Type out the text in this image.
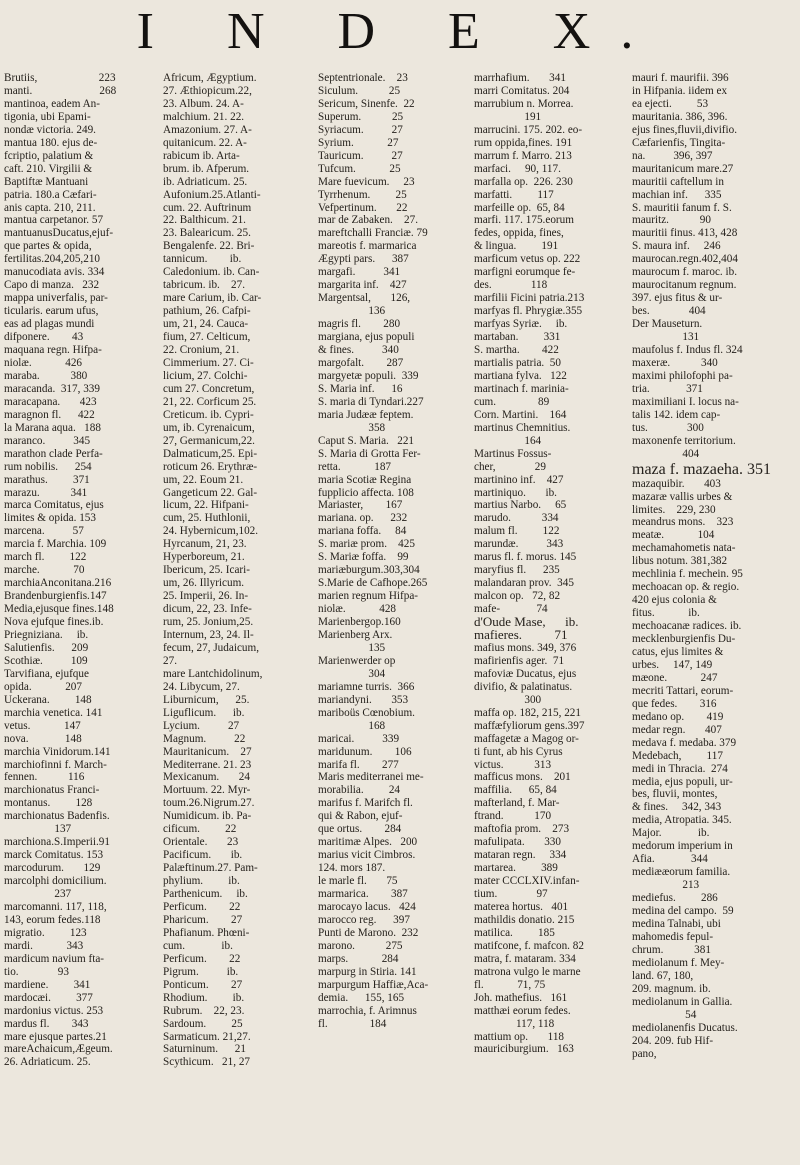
I N D E X.
Brutiis,                      223
manti.                        268
mantinoa, eadem An-
tigonia, ubi Epami-
nondæ victoria. 249.
mantua 180. ejus de-
fcriptio, palatium &
caft. 210. Virgilii &
Baptiftæ Mantuani
patria. 180.a Cæfari-
anis capta. 210, 211.
mantua carpetanor. 57
mantuanusDucatus,ejuf-
que partes & opida,
fertilitas.204,205,210
manucodiata avis. 334
Capo di manza.   232
mappa univerfalis, par-
ticularis. earum ufus,
eas ad plagas mundi
difponere.        43
maquana regn. Hifpa-
niolæ.            426
maraba.           380
maracanda.  317, 339
maracapana.       423
maragnon fl.      422
la Marana aqua.   188
maranco.          345
marathon clade Perfa-
rum nobilis.      254
marathus.         371
marazu.           341
marca Comitatus, ejus
limites & opida. 153
marcena.          57
marcia f. Marchia. 109
march fl.         122
marche.            70
marchiaAnconitana.216
Brandenburgienfis.147
Media,ejusque fines.148
Nova ejufque fines.ib.
Priegniziana.     ib.
Salutienfis.      209
Scothiæ.          109
Tarvifiana, ejufque
opida.            207
Uckerana.         148
marchia venetica. 141
vetus.            147
nova.             148
marchia Vinidorum.141
marchiofinni f. March-
fennen.           116
marchionatus Franci-
montanus.         128
marchionatus Badenfis.
137
marchiona.S.Imperii.91
marck Comitatus. 153
marcodurum.       129
marcolphi domicilium.
237
marcomanni. 117, 118,
143, eorum fedes.118
migratio.         123
mardi.            343
mardicum navium fta-
tio.              93
mardiene.         341
mardocæi.         377
mardonius victus. 253
mardus fl.        343
mare ejusque partes.21
mareAchaicum,Ægeum.
26. Adriaticum. 25.
Africum, Ægyptium.
27. Æthiopicum.22,
23. Album. 24. A-
malchium. 21. 22.
Amazonium. 27. A-
quitanicum. 22. A-
rabicum ib. Arta-
brum. ib. Afperum.
ib. Adriaticum. 25.
Aufonium.25.Atlanti-
cum. 22. Auftrinum
22. Balthicum. 21.
23. Balearicum. 25.
Bengalenfe. 22. Bri-
tannicum.        ib.
Caledonium. ib. Can-
tabricum. ib.    27.
mare Carium, ib. Car-
pathium, 26. Cafpi-
um, 21, 24. Cauca-
fium, 27. Celticum,
22. Cronium, 21.
Cimmerium. 27. Ci-
licium, 27. Colchi-
cum 27. Concretum,
21, 22. Corficum 25.
Creticum. ib. Cypri-
um, ib. Cyrenaicum,
27, Germanicum,22.
Dalmaticum,25. Epi-
roticum 26. Erythræ-
um, 22. Eoum 21.
Gangeticum 22. Gal-
licum, 22. Hifpani-
cum, 25. Huthlonii,
24. Hybernicum,102.
Hyrcanum, 21, 23.
Hyperboreum, 21.
Ibericum, 25. Icari-
um, 26. Illyricum.
25. Imperii, 26. In-
dicum, 22, 23. Infe-
rum, 25. Jonium,25.
Internum, 23, 24. Il-
fecum, 27, Judaicum,
27.
mare Lantchidolinum,
24. Libycum, 27.
Liburnicum,      25.
Liguflicum.      ib.
Lycium.          27
Magnum.          22
Mauritanicum.    27
Mediterrane. 21. 23
Mexicanum.       24
Mortuum. 22. Myr-
toum.26.Nigrum.27.
Numidicum. ib. Pa-
cificum.         22
Orientale.       23
Pacificum.       ib.
Palæftinum.27. Pam-
phylium.         ib.
Parthenicum.     ib.
Perficum.        22
Pharicum.        27
Phafianum. Phœni-
cum.             ib.
Perficum.        22
Pigrum.          ib.
Ponticum.        27
Rhodium.         ib.
Rubrum.    22, 23.
Sardoum.         25
Sarmaticum. 21,27.
Saturninum.      21
Scythicum.   21, 27
Septentrionale.    23
Siculum.           25
Sericum, Sinenfe.  22
Superum.           25
Syriacum.          27
Syrium.            27
Tauricum.          27
Tufcum.            25
Mare fuevicum.     23
Tyrrhenum.         25
Vefpertinum.       22
mar de Zabaken.    27.
mareftchalli Franciæ. 79
mareotis f. marmarica
Ægypti pars.      387
margafi.          341
margarita inf.    427
Margentsal,       126,
136
magris fl.        280
margiana, ejus populi
& fines.          340
margofalt.        287
margyetæ populi.  339
S. Maria inf.      16
S. maria di Tyndari.227
maria Judææ feptem.
358
Caput S. Maria.   221
S. Maria di Grotta Fer-
retta.            187
maria Scotiæ Regina
fupplicio affecta. 108
Mariaster,        167
mariana. op.      232
mariana foffa.     84
S. mariæ prom.    425
S. Mariæ foffa.    99
mariæburgum.303,304
S.Marie de Cafhope.265
marien regnum Hifpa-
niolæ.            428
Marienbergop.160
Marienberg Arx.
135
Marienwerder op
304
mariamne turris.  366
mariandyni.       353
mariboüs Cœnobium.
168
maricai.          339
maridunum.        106
marifa fl.        277
Maris mediterranei me-
morabilia.         24
marifus f. Marifch fl.
qui & Rabon, ejuf-
que ortus.        284
maritimæ Alpes.   200
marius vicit Cimbros.
124. mors 187.
le marle fl.       75
marmarica.        387
marocayo lacus.   424
marocco reg.      397
Punti de Marono.  232
marono.           275
marps.            284
marpurg in Stiria. 141
marpurgum Haffiæ,Aca-
demia.      155, 165
marrochia, f. Arimnus
fl.               184
marrhafium.       341
marri Comitatus. 204
marrubium n. Morrea.
191
marrucini. 175. 202. eo-
rum oppida,fines. 191
marrum f. Marro. 213
marfaci.     90, 117.
marfalla op.  226. 230
marfatti.         117
marfeille op.  65, 84
marfi. 117. 175.eorum
fedes, oppida, fines,
& lingua.         191
marficum vetus op. 222
marfigni eorumque fe-
des.              118
marfilii Ficini patria.213
marfyas fl. Phrygiæ.355
marfyas Syriæ.     ib.
martaban.         331
S. martha.        422
martialis patria.  50
martiana fylva.   122
martinach f. marinia-
cum.               89
Corn. Martini.    164
martinus Chemnitius.
164
Martinus Fossus-
cher,              29
martinino inf.    427
martiniquo.       ib.
martius Narbo.     65
marudo.           334
malum fl.         122
marundæ.          343
marus fl. f. morus. 145
maryfius fl.      235
malandaran prov.  345
malcon op.   72, 82
mafe-             74
d'Oude Mase,      ib.
mafieres.          71
mafius mons. 349, 376
mafirienfis ager.  71
mafoviæ Ducatus, ejus
divifio, & palatinatus.
300
maffa op. 182, 215, 221
maffæfyliorum gens.397
maffagetæ a Magog or-
ti funt, ab his Cyrus
victus.           313
mafficus mons.    201
maffilia.      65, 84
mafterland, f. Mar-
ftrand.           170
maftofia prom.    273
mafulipata.       330
mataran regn.     334
martarea.         389
mater CCCLXIV.infan-
tium.              97
materea hortus.   401
mathildis donatio. 215
matilica.         185
matifcone, f. mafcon. 82
matra, f. mataram. 334
matrona vulgo le marne
fl.            71, 75
Joh. mathefius.   161
matthæi eorum fedes.
117, 118
mattium op.       118
mauriciburgium.   163
mauri f. maurifii. 396
in Hifpania. iidem ex
ea ejecti.         53
mauritania. 386, 396.
ejus fines,fluvii,divifio.
Cæfarienfis, Tingita-
na.          396, 397
mauritanicum mare.27
mauritii caftellum in
machian inf.      335
S. mauritii fanum f. S.
mauritz.           90
mauritii finus. 413, 428
S. maura inf.     246
maurocan.regn.402,404
maurocum f. maroc. ib.
maurocitanum regnum.
397. ejus fitus & ur-
bes.              404
Der Mauseturn.
131
maufolus f. Indus fl. 324
maxeræ.           340
maximi philofophi pa-
tria.             371
maximiliani I. locus na-
talis 142. idem cap-
tus.              300
maxonenfe territorium.
404
maza f. mazaeha. 351
mazaquibir.       403
mazaræ vallis urbes &
limites.    229, 230
meandrus mons.    323
meatæ.            104
mechamahometis nata-
libus notum. 381,382
mechlinia f. mechein. 95
mechoacan op. & regio.
420 ejus colonia &
fitus.            ib.
mechoacanæ radices. ib.
mecklenburgienfis Du-
catus, ejus limites &
urbes.     147, 149
mæone.            247
mecriti Tattari, eorum-
que fedes.        316
medano op.        419
medar regn.       407
medava f. medaba. 379
Medebach,         117
medi in Thracia.  274
media, ejus populi, ur-
bes, fluvii, montes,
& fines.     342, 343
media, Atropatia. 345.
Major.             ib.
medorum imperium in
Afia.             344
mediææorum familia.
213
mediefus.         286
medina del campo.  59
medina Talnabi, ubi
mahomedis fepul-
chrum.           381
mediolanum f. Mey-
land. 67, 180,
209. magnum. ib.
mediolanum in Gallia.
54
mediolanenfis Ducatus.
204. 209. fub Hif-
pano,
